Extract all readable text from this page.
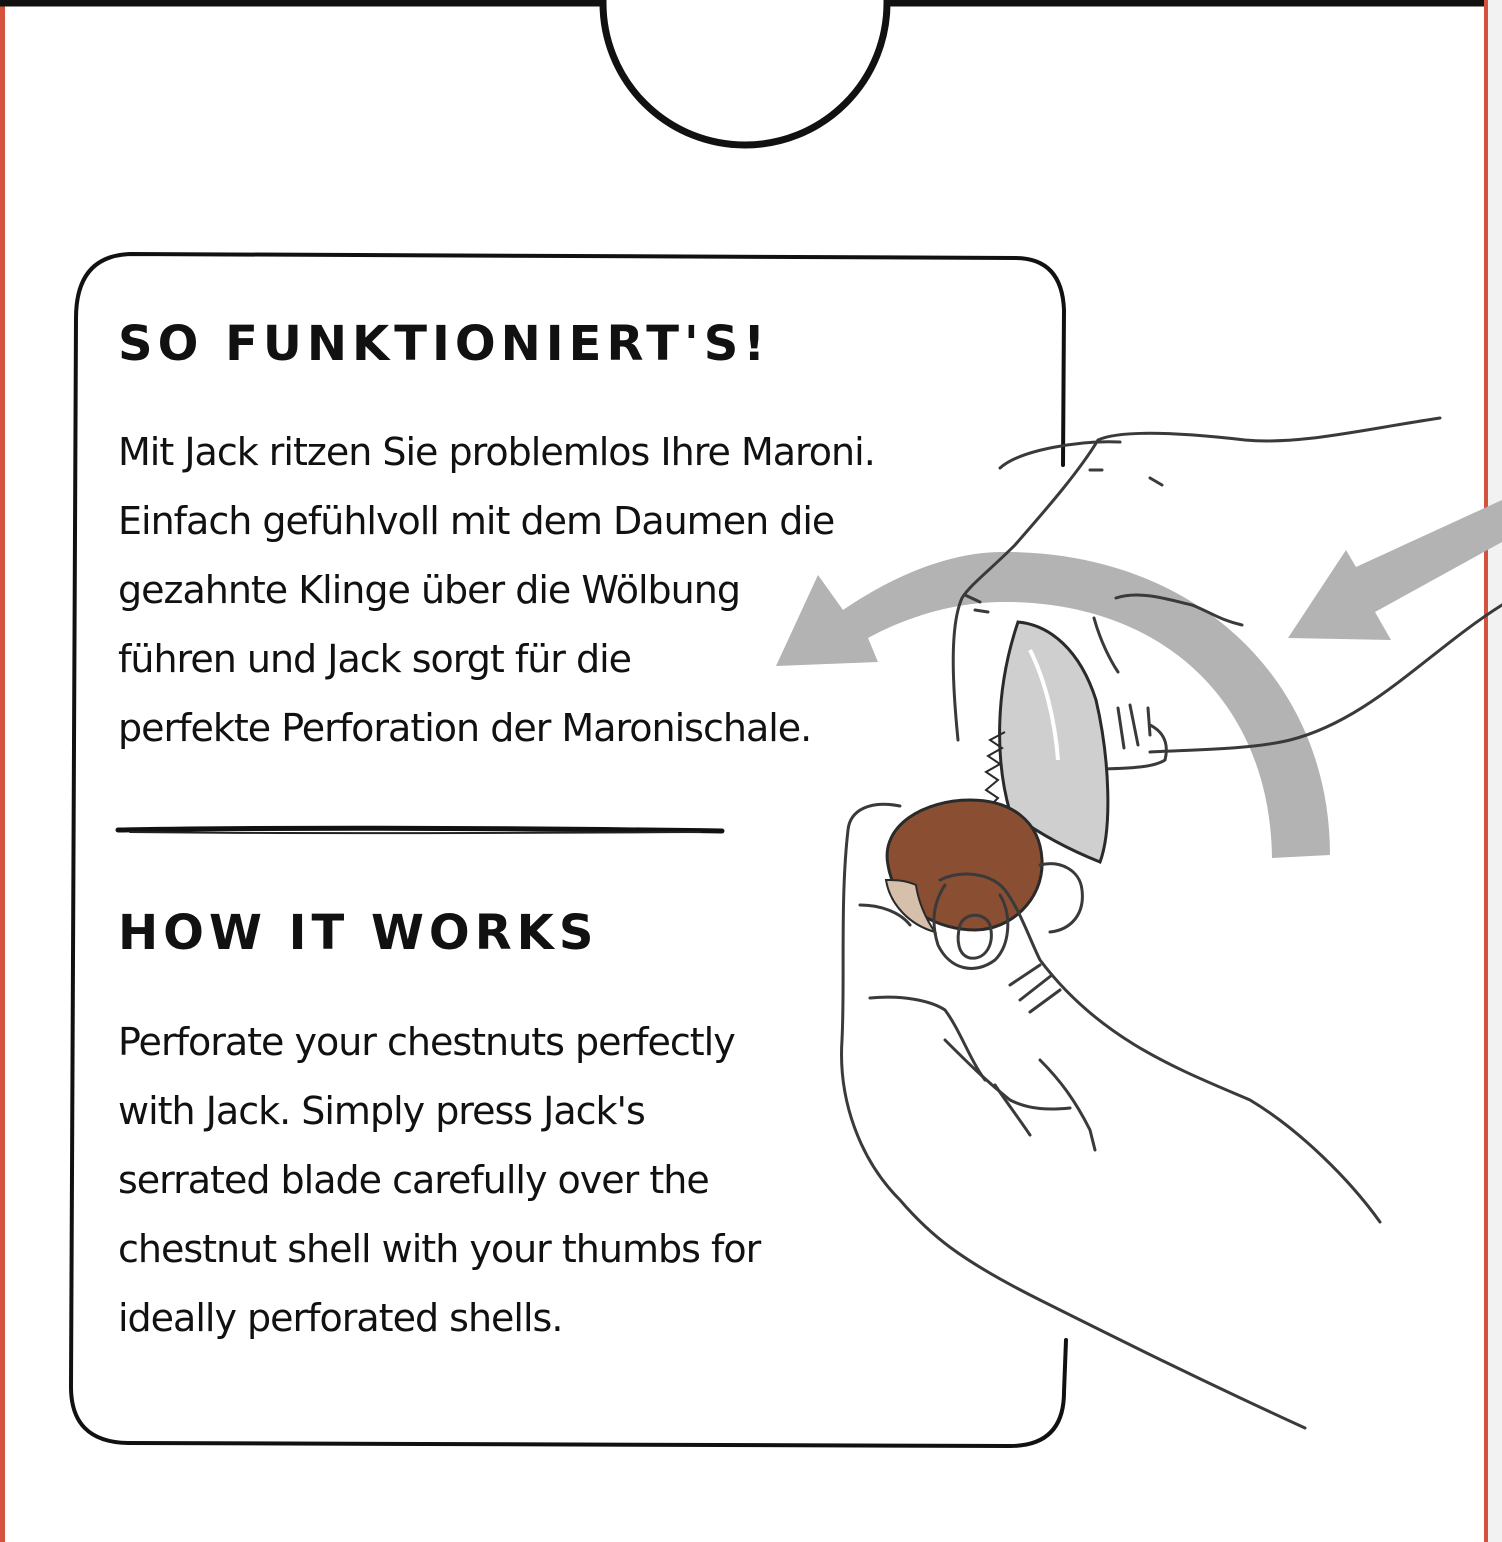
SO FUNKTIONIERT'S!

Mit Jack ritzen Sie problemlos Ihre Maroni.
Einfach gefühlvoll mit dem Daumen die
gezahnte Klinge über die Wölbung
führen und Jack sorgt für die
perfekte Perforation der Maronischale.

HOW IT WORKS

Perforate your chestnuts perfectly
with Jack. Simply press Jack's
serrated blade carefully over the
chestnut shell with your thumbs for
ideally perforated shells.
